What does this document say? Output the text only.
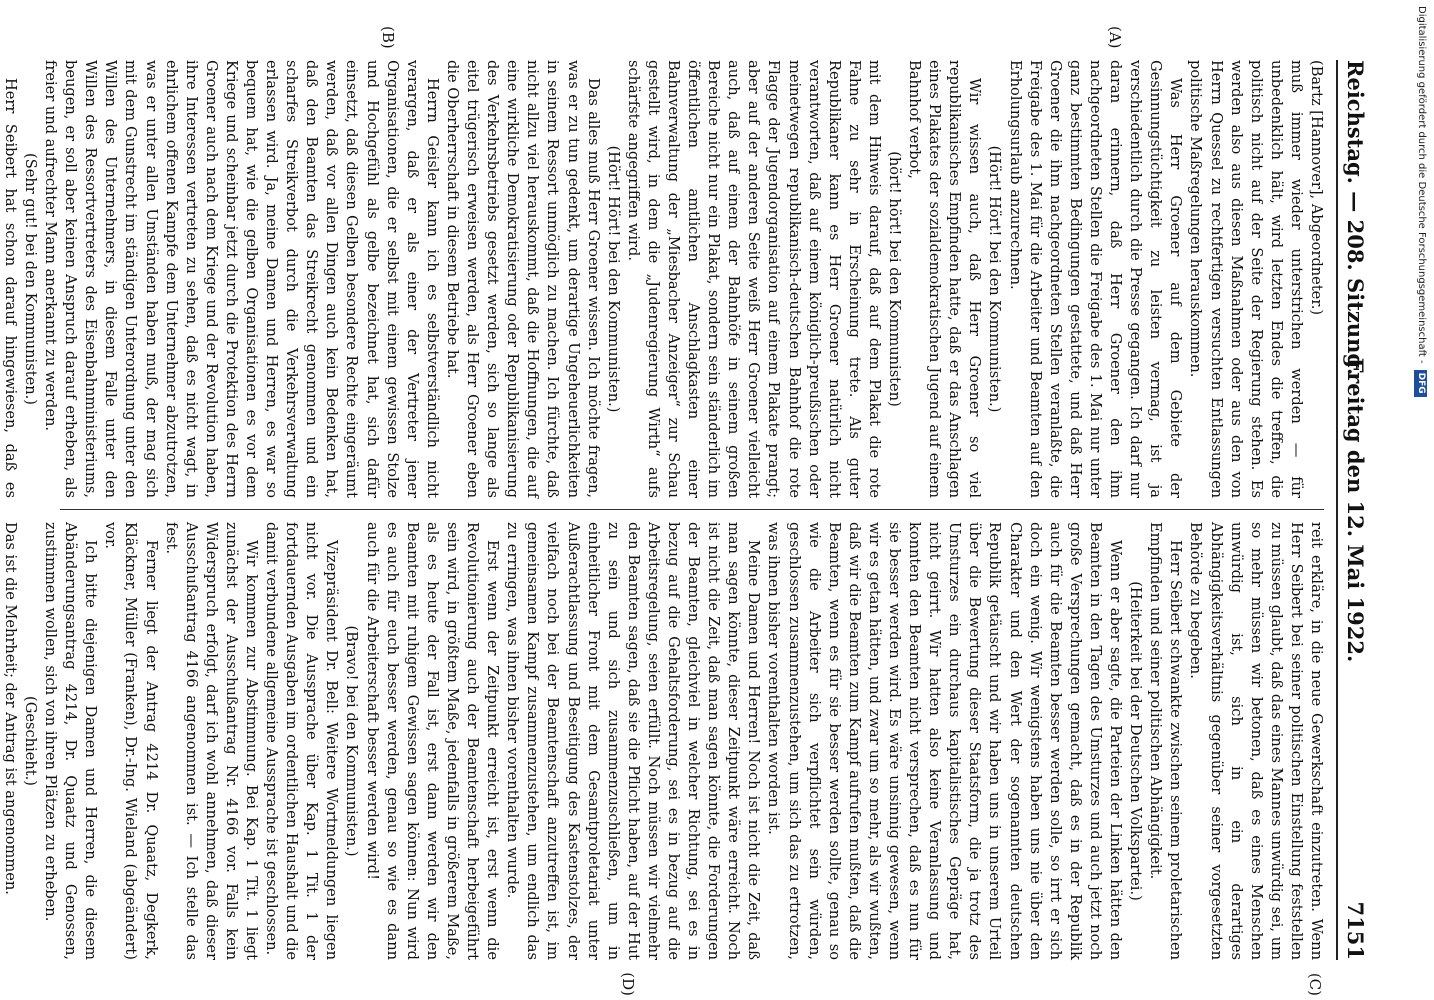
Reichstag. — 208. Sitzung.
Freitag den 12. Mai 1922.
7151
(A)
(B)
(C)
(D)

(Bartz [Hannover], Abgeordneter.)

muß immer wieder unterstrichen werden — für unbedenklich hält, wird letzten Endes die treffen, die politisch nicht auf der Seite der Regierung stehen. Es werden also aus diesen Maßnahmen oder aus den von Herrn Quessel zu rechtfertigen versuchten Entlassungen politische Maßregelungen herauskommen.

Was Herr Groener auf dem Gebiete der Gesinnungstüchtigkeit zu leisten vermag, ist ja verschiedentlich durch die Presse gegangen. Ich darf nur daran erinnern, daß Herr Groener den ihm nachgeordneten Stellen die Freigabe des 1. Mai nur unter ganz bestimmten Bedingungen gestattete, und daß Herr Groener die ihm nachgeordneten Stellen veranlaßte, die Freigabe des 1. Mai für die Arbeiter und Beamten auf den Erholungsurlaub anzurechnen.

(Hört! Hört! bei den Kommunisten.)

Wir wissen auch, daß Herr Groener so viel republikanisches Empfinden hatte, daß er das Anschlagen eines Plakates der sozialdemokratischen Jugend auf einem Bahnhof verbot,

(hört! hört! bei den Kommunisten)

mit dem Hinweis darauf, daß auf dem Plakat die rote Fahne zu sehr in Erscheinung trete. Als guter Republikaner kann es Herr Groener natürlich nicht verantworten, daß auf einem königlich-preußischen oder meinetwegen republikanisch-deutschen Bahnhof die rote Flagge der Jugendorganisation auf einem Plakate prangt; aber auf der anderen Seite weiß Herr Groener vielleicht auch, daß auf einem der Bahnhöfe in seinem großen Bereiche nicht nur ein Plakat, sondern sein ständerlich im öffentlichen amtlichen Anschlagkasten einer Bahnverwaltung der „Miesbacher Anzeiger“ zur Schau gestellt wird, in dem die „Judenregierung Wirth“ aufs schärfste angegriffen wird.

(Hört! Hört! bei den Kommunisten.)

Das alles muß Herr Groener wissen. Ich möchte fragen, was er zu tun gedenkt, um derartige Ungeheuerlichkeiten in seinem Ressort unmöglich zu machen. Ich fürchte, daß nicht allzu viel herauskommt, daß die Hoffnungen, die auf eine wirkliche Demokratisierung oder Republikanisierung des Verkehrsbetriebs gesetzt werden, sich so lange als eitel trügerisch erweisen werden, als Herr Groener eben die Oberherrschaft in diesem Betriebe hat.

Herrn Geisler kann ich es selbstverständlich nicht verargen, daß er als einer der Vertreter jener Organisationen, die er selbst mit einem gewissen Stolze und Hochgefühl als gelbe bezeichnet hat, sich dafür einsetzt, daß diesen Gelben besondere Rechte eingeräumt werden, daß vor allen Dingen auch kein Bedenken hat, daß den Beamten das Streikrecht genommen und ein scharfes Streikverbot durch die Verkehrsverwaltung erlassen wird. Ja, meine Damen und Herren, es war so bequem hat, wie die gelben Organisationen es vor dem Kriege und scheinbar jetzt durch die Protektion des Herrn Groener auch nach dem Kriege und der Revolution haben, ihre Interessen vertreten zu sehen, daß es nicht wagt, in ehrlichem offenen Kampfe dem Unternehmer abzutrotzen, was er unter allen Umständen haben muß, der mag sich mit dem Gunstrecht im ständigen Unterordnung unter den Willen des Unternehmers, in diesem Falle unter den Willen des Ressortvertreters des Eisenbahnministeriums, beugen, er soll aber keinen Anspruch darauf erheben, als freier und aufrechter Mann anerkannt zu werden.

(Sehr gut! bei den Kommunisten.)

Herr Seibert hat schon darauf hingewiesen, daß es

reit erkläre, in die neue Gewerkschaft einzutreten. Wenn Herr Seibert bei seiner politischen Einstellung feststellen zu müssen glaubt, daß das eines Mannes unwürdig sei, um so mehr müssen wir betonen, daß es eines Menschen unwürdig ist, sich in ein derartiges Abhängigkeitsverhältnis gegenüber seiner vorgesetzten Behörde zu begeben.

Herr Seibert schwankte zwischen seinem proletarischen Empfinden und seiner politischen Abhängigkeit.

(Heiterkeit bei der Deutschen Volkspartei.)

Wenn er aber sagte, die Parteien der Linken hätten den Beamten in den Tagen des Umsturzes und auch jetzt noch große Versprechungen gemacht, daß es in der Republik auch für die Beamten besser werden solle, so irrt er sich doch ein wenig. Wir wenigstens haben uns nie über den Charakter und den Wert der sogenannten deutschen Republik getäuscht und wir haben uns in unserem Urteil über die Bewertung dieser Staatsform, die ja trotz des Umsturzes ein durchaus kapitalistisches Gepräge hat, nicht geirrt. Wir hatten also keine Veranlassung und konnten den Beamten nicht versprechen, daß es nun für sie besser werden wird. Es wäre unsinnig gewesen, wenn wir es getan hätten, und zwar um so mehr, als wir wußten, daß wir die Beamten zum Kampf aufrufen mußten, daß die Beamten, wenn es für sie besser werden sollte, genau so wie die Arbeiter sich verpflichtet sein würden, geschlossen zusammenzustehen, um sich das zu ertrotzen, was ihnen bisher vorenthalten worden ist.

Meine Damen und Herren! Noch ist nicht die Zeit, daß man sagen könnte, dieser Zeitpunkt wäre erreicht. Noch ist nicht die Zeit, daß man sagen könnte, die Forderungen der Beamten, gleichviel in welcher Richtung, sei es in bezug auf die Gehaltsforderung, sei es in bezug auf die Arbeitsregelung, seien erfüllt. Noch müssen wir vielmehr den Beamten sagen, daß sie die Pflicht haben, auf der Hut zu sein und sich zusammenzuschließen, um in einheitlicher Front mit dem Gesamtproletariat unter Außerachtlassung und Beseitigung des Kastenstolzes, der vielfach noch bei der Beamtenschaft anzutreffen ist, im gemeinsamen Kampf zusammenzustehen, um endlich das zu erringen, was ihnen bisher vorenthalten wurde.

Erst wenn der Zeitpunkt erreicht ist, erst wenn die Revolutionierung auch der Beamtenschaft herbeigeführt sein wird, in größtem Maße, jedenfalls in größerem Maße, als es heute der Fall ist, erst dann werden wir den Beamten mit ruhigem Gewissen sagen können: Nun wird es auch für euch besser werden, genau so wie es dann auch für die Arbeiterschaft besser werden wird!

(Bravo! bei den Kommunisten.)

Vizepräsident Dr. Bell: Weitere Wortmeldungen liegen nicht vor. Die Aussprache über Kap. 1 Tit. 1 der fortdauernden Ausgaben im ordentlichen Haushalt und die damit verbundene allgemeine Aussprache ist geschlossen.

Wir kommen zur Abstimmung. Bei Kap. 1 Tit. 1 liegt zunächst der Ausschußantrag Nr. 4166 vor. Falls kein Widerspruch erfolgt, darf ich wohl annehmen, daß dieser Ausschußantrag 4166 angenommen ist. — Ich stelle das fest.

Ferner liegt der Antrag 4214 Dr. Quaatz, Degkerk, Kläckner, Müller (Franken), Dr.-Ing. Wieland (abgeändert) vor.

Ich bitte diejenigen Damen und Herren, die diesem Abänderungsantrag 4214, Dr. Quaatz und Genossen, zustimmen wollen, sich von ihren Plätzen zu erheben.

(Geschieht.)

Das ist die Mehrheit; der Antrag ist angenommen.

Digitalisierung gefördert durch die Deutsche Forschungsgemeinschaft -
DFG
